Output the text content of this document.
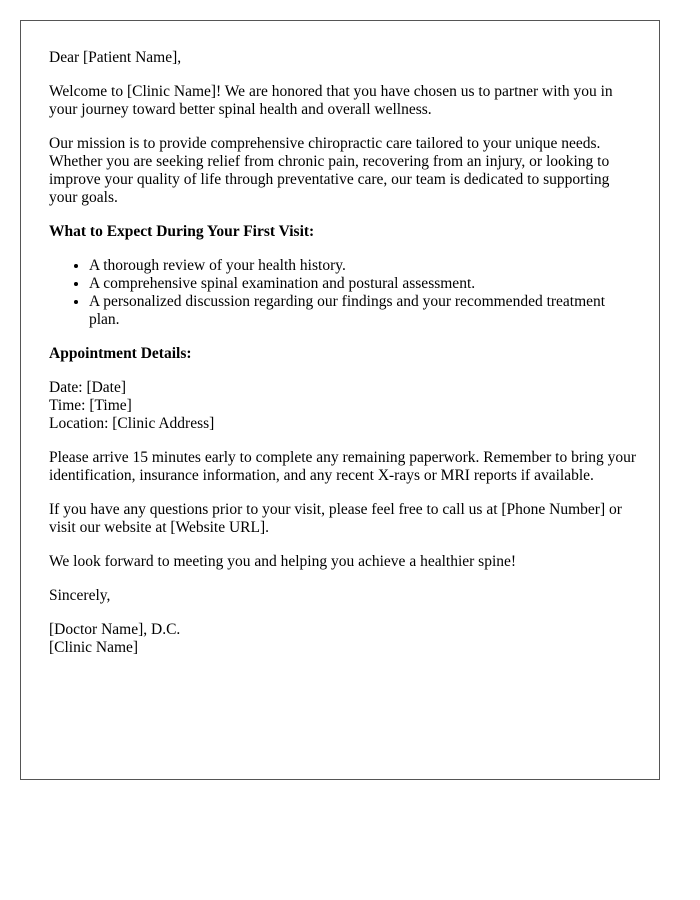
Dear [Patient Name],

Welcome to [Clinic Name]! We are honored that you have chosen us to partner with you in your journey toward better spinal health and overall wellness.

Our mission is to provide comprehensive chiropractic care tailored to your unique needs. Whether you are seeking relief from chronic pain, recovering from an injury, or looking to improve your quality of life through preventative care, our team is dedicated to supporting your goals.

What to Expect During Your First Visit:

• A thorough review of your health history.
• A comprehensive spinal examination and postural assessment.
• A personalized discussion regarding our findings and your recommended treatment plan.

Appointment Details:

Date: [Date]
Time: [Time]
Location: [Clinic Address]

Please arrive 15 minutes early to complete any remaining paperwork. Remember to bring your identification, insurance information, and any recent X-rays or MRI reports if available.

If you have any questions prior to your visit, please feel free to call us at [Phone Number] or visit our website at [Website URL].

We look forward to meeting you and helping you achieve a healthier spine!

Sincerely,

[Doctor Name], D.C.
[Clinic Name]
